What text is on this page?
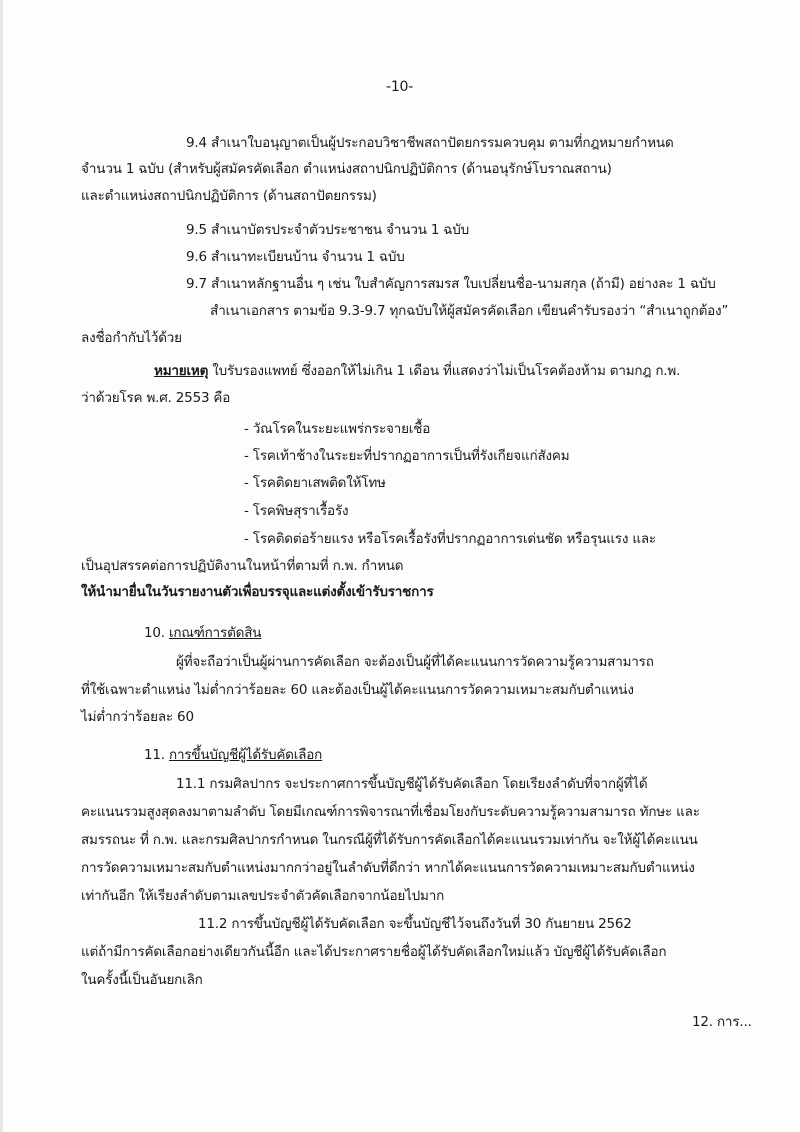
-10-
9.4 สำเนาใบอนุญาตเป็นผู้ประกอบวิชาชีพสถาปัตยกรรมควบคุม ตามที่กฎหมายกำหนด
จำนวน 1 ฉบับ (สำหรับผู้สมัครคัดเลือก ตำแหน่งสถาปนิกปฏิบัติการ (ด้านอนุรักษ์โบราณสถาน)
และตำแหน่งสถาปนิกปฏิบัติการ (ด้านสถาปัตยกรรม)
9.5 สำเนาบัตรประจำตัวประชาชน จำนวน 1 ฉบับ
9.6 สำเนาทะเบียนบ้าน จำนวน 1 ฉบับ
9.7 สำเนาหลักฐานอื่น ๆ เช่น ใบสำคัญการสมรส ใบเปลี่ยนชื่อ-นามสกุล (ถ้ามี) อย่างละ 1 ฉบับ
สำเนาเอกสาร ตามข้อ 9.3-9.7 ทุกฉบับให้ผู้สมัครคัดเลือก เขียนคำรับรองว่า “สำเนาถูกต้อง”
ลงชื่อกำกับไว้ด้วย
หมายเหตุ ใบรับรองแพทย์ ซึ่งออกให้ไม่เกิน 1 เดือน ที่แสดงว่าไม่เป็นโรคต้องห้าม ตามกฎ ก.พ.
ว่าด้วยโรค พ.ศ. 2553 คือ
- วัณโรคในระยะแพร่กระจายเชื้อ
- โรคเท้าช้างในระยะที่ปรากฏอาการเป็นที่รังเกียจแก่สังคม
- โรคติดยาเสพติดให้โทษ
- โรคพิษสุราเรื้อรัง
- โรคติดต่อร้ายแรง หรือโรคเรื้อรังที่ปรากฏอาการเด่นชัด หรือรุนแรง และ
เป็นอุปสรรคต่อการปฏิบัติงานในหน้าที่ตามที่ ก.พ. กำหนด
ให้นำมายื่นในวันรายงานตัวเพื่อบรรจุและแต่งตั้งเข้ารับราชการ
10. เกณฑ์การตัดสิน
ผู้ที่จะถือว่าเป็นผู้ผ่านการคัดเลือก จะต้องเป็นผู้ที่ได้คะแนนการวัดความรู้ความสามารถ
ที่ใช้เฉพาะตำแหน่ง ไม่ต่ำกว่าร้อยละ 60 และต้องเป็นผู้ได้คะแนนการวัดความเหมาะสมกับตำแหน่ง
ไม่ต่ำกว่าร้อยละ 60
11. การขึ้นบัญชีผู้ได้รับคัดเลือก
11.1 กรมศิลปากร จะประกาศการขึ้นบัญชีผู้ได้รับคัดเลือก โดยเรียงลำดับที่จากผู้ที่ได้
คะแนนรวมสูงสุดลงมาตามลำดับ โดยมีเกณฑ์การพิจารณาที่เชื่อมโยงกับระดับความรู้ความสามารถ ทักษะ และ
สมรรถนะ ที่ ก.พ. และกรมศิลปากรกำหนด ในกรณีผู้ที่ได้รับการคัดเลือกได้คะแนนรวมเท่ากัน จะให้ผู้ได้คะแนน
การวัดความเหมาะสมกับตำแหน่งมากกว่าอยู่ในลำดับที่ดีกว่า หากได้คะแนนการวัดความเหมาะสมกับตำแหน่ง
เท่ากันอีก ให้เรียงลำดับตามเลขประจำตัวคัดเลือกจากน้อยไปมาก
11.2 การขึ้นบัญชีผู้ได้รับคัดเลือก จะขึ้นบัญชีไว้จนถึงวันที่ 30 กันยายน 2562
แต่ถ้ามีการคัดเลือกอย่างเดียวกันนี้อีก และได้ประกาศรายชื่อผู้ได้รับคัดเลือกใหม่แล้ว บัญชีผู้ได้รับคัดเลือก
ในครั้งนี้เป็นอันยกเลิก
12. การ...
